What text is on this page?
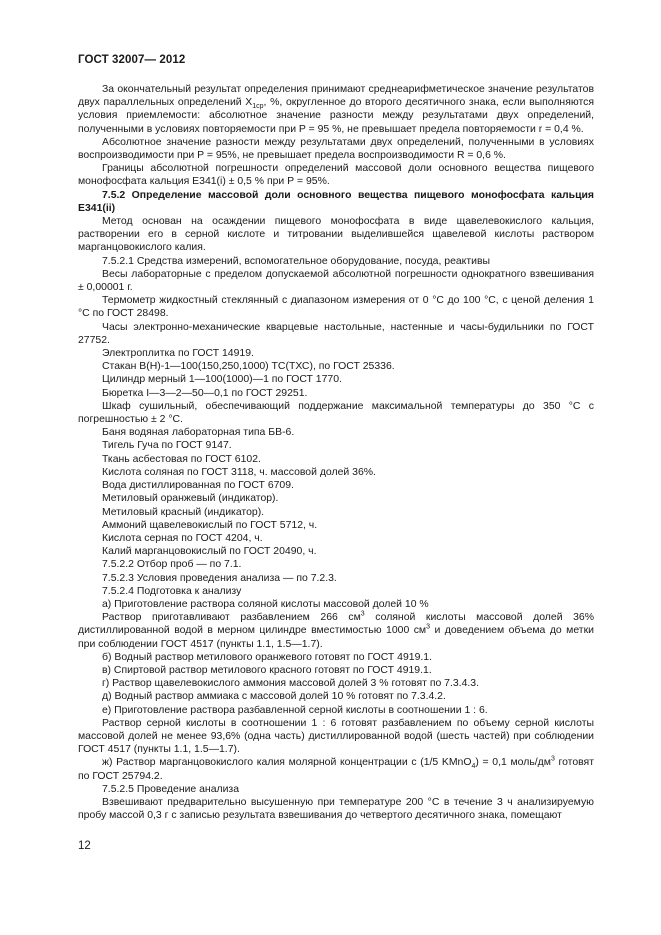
ГОСТ 32007— 2012

За окончательный результат определения принимают среднеарифметическое значение результатов двух параллельных определений $X_{1ср}$, %, округленное до второго десятичного знака, если выполняются условия приемлемости: абсолютное значение разности между результатами двух определений, полученными в условиях повторяемости при P = 95 %, не превышает предела повторяемости r = 0,4 %.

Абсолютное значение разности между результатами двух определений, полученными в условиях воспроизводимости при P = 95%, не превышает предела воспроизводимости R = 0,6 %.

Границы абсолютной погрешности определений массовой доли основного вещества пищевого монофосфата кальция Е341(i) ± 0,5 % при Р = 95%.

7.5.2 Определение массовой доли основного вещества пищевого монофосфата кальция Е341(ii)

Метод основан на осаждении пищевого монофосфата в виде щавелевокислого кальция, растворении его в серной кислоте и титровании выделившейся щавелевой кислоты раствором марганцовокислого калия.

7.5.2.1 Средства измерений, вспомогательное оборудование, посуда, реактивы

Весы лабораторные с пределом допускаемой абсолютной погрешности однократного взвешивания ± 0,00001 г.

Термометр жидкостный стеклянный с диапазоном измерения от 0 °С до 100 °С, с ценой деления 1 °С по ГОСТ 28498.

Часы электронно-механические кварцевые настольные, настенные и часы-будильники по ГОСТ 27752.

Электроплитка по ГОСТ 14919.

Стакан В(Н)-1—100(150,250,1000) ТС(ТХС), по ГОСТ 25336.

Цилиндр мерный 1—100(1000)—1 по ГОСТ 1770.

Бюретка I—3—2—50—0,1 по ГОСТ 29251.

Шкаф сушильный, обеспечивающий поддержание максимальной температуры до 350 °С с погрешностью ± 2 °С.

Баня водяная лабораторная типа БВ-6.

Тигель Гуча по ГОСТ 9147.

Ткань асбестовая по ГОСТ 6102.

Кислота соляная по ГОСТ 3118, ч. массовой долей 36%.

Вода дистиллированная по ГОСТ 6709.

Метиловый оранжевый (индикатор).

Метиловый красный (индикатор).

Аммоний щавелевокислый по ГОСТ 5712, ч.

Кислота серная по ГОСТ 4204, ч.

Калий марганцовокислый по ГОСТ 20490, ч.

7.5.2.2 Отбор проб — по 7.1.

7.5.2.3 Условия проведения анализа — по 7.2.3.

7.5.2.4 Подготовка к анализу

а) Приготовление раствора соляной кислоты массовой долей 10 %

Раствор приготавливают разбавлением 266 $см^3$ соляной кислоты массовой долей 36% дистиллированной водой в мерном цилиндре вместимостью 1000 $см^3$ и доведением объема до метки при соблюдении ГОСТ 4517 (пункты 1.1, 1.5—1.7).

б) Водный раствор метилового оранжевого готовят по ГОСТ 4919.1.

в) Спиртовой раствор метилового красного готовят по ГОСТ 4919.1.

г) Раствор щавелевокислого аммония массовой долей 3 % готовят по 7.3.4.3.

д) Водный раствор аммиака с массовой долей 10 % готовят по 7.3.4.2.

е) Приготовление раствора разбавленной серной кислоты в соотношении 1 : 6.

Раствор серной кислоты в соотношении 1 : 6 готовят разбавлением по объему серной кислоты массовой долей не менее 93,6% (одна часть) дистиллированной водой (шесть частей) при соблюдении ГОСТ 4517 (пункты 1.1, 1.5—1.7).

ж) Раствор марганцовокислого калия молярной концентрации с (1/5 KMnO$_4$) = 0,1 моль/$дм^3$ готовят по ГОСТ 25794.2.

7.5.2.5 Проведение анализа

Взвешивают предварительно высушенную при температуре 200 °С в течение 3 ч анализируемую пробу массой 0,3 г с записью результата взвешивания до четвертого десятичного знака, помещают

12
